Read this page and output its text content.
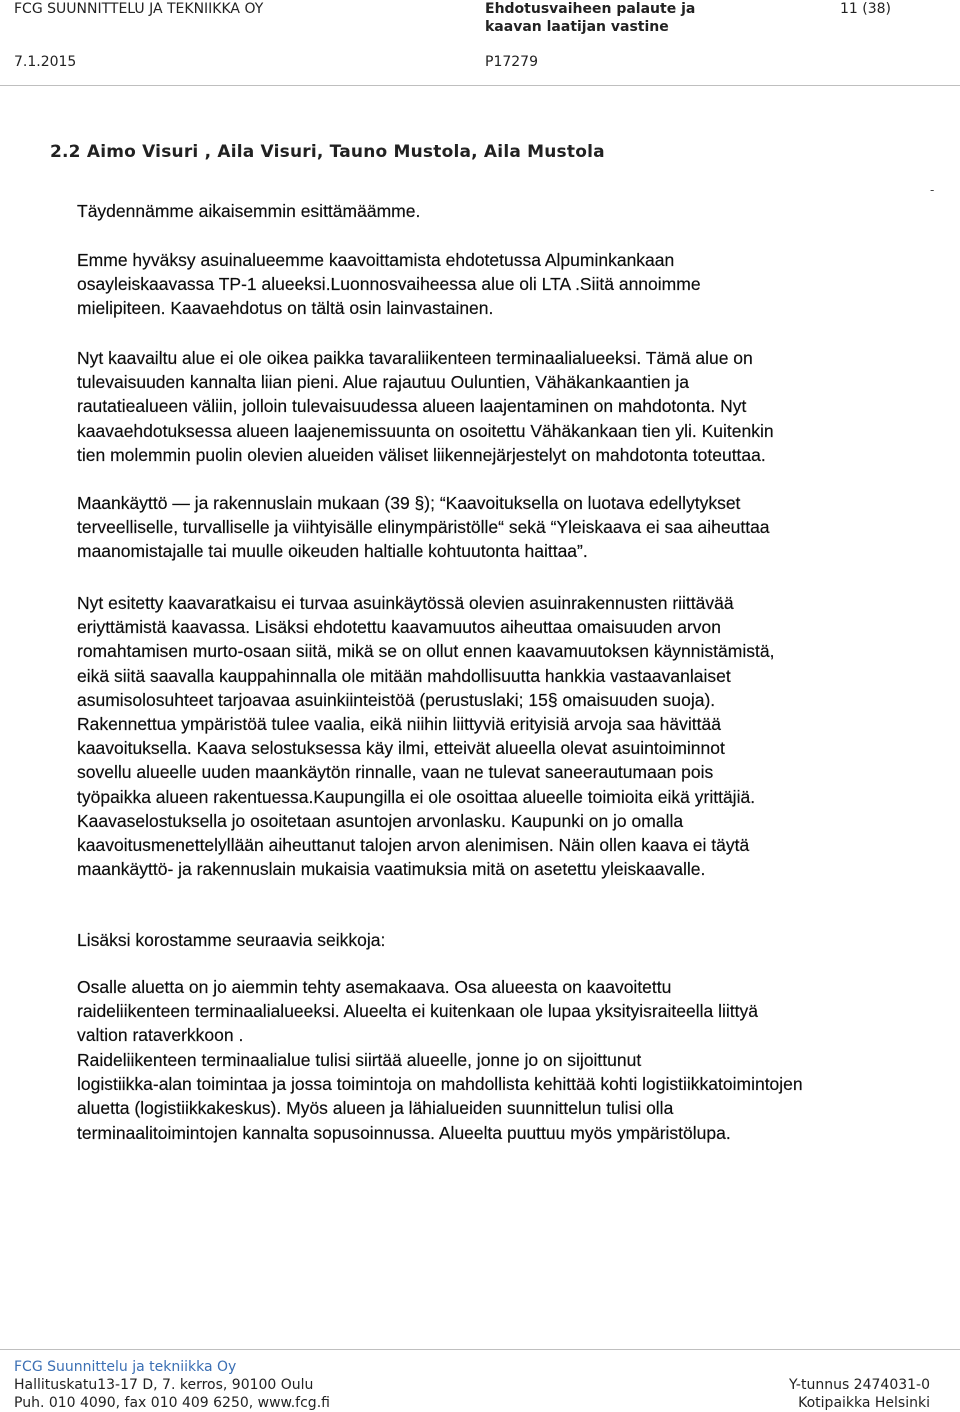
FCG SUUNNITTELU JA TEKNIIKKA OY	Ehdotusvaiheen palaute ja
kaavan laatijan vastine
11 (38)
7.1.2015	P17279
2.2 Aimo Visuri , Aila Visuri, Tauno Mustola, Aila Mustola
-
Täydennämme aikaisemmin esittämäämme.
Emme hyväksy asuinalueemme kaavoittamista ehdotetussa Alpuminkankaan
osayleiskaavassa TP-1 alueeksi.Luonnosvaiheessa alue oli LTA .Siitä annoimme
mielipiteen. Kaavaehdotus on tältä osin lainvastainen.
Nyt kaavailtu alue ei ole oikea paikka tavaraliikenteen terminaalialueeksi. Tämä alue on
tulevaisuuden kannalta liian pieni. Alue rajautuu Ouluntien, Vähäkankaantien ja
rautatiealueen väliin, jolloin tulevaisuudessa alueen laajentaminen on mahdotonta. Nyt
kaavaehdotuksessa alueen laajenemissuunta on osoitettu Vähäkankaan tien yli. Kuitenkin
tien molemmin puolin olevien alueiden väliset liikennejärjestelyt on mahdotonta toteuttaa.
Maankäyttö — ja rakennuslain mukaan (39 §); “Kaavoituksella on luotava edellytykset
terveelliselle, turvalliselle ja viihtyisälle elinympäristölle“ sekä “Yleiskaava ei saa aiheuttaa
maanomistajalle tai muulle oikeuden haltialle kohtuutonta haittaa”.
Nyt esitetty kaavaratkaisu ei turvaa asuinkäytössä olevien asuinrakennusten riittävää
eriyttämistä kaavassa. Lisäksi ehdotettu kaavamuutos aiheuttaa omaisuuden arvon
romahtamisen murto-osaan siitä, mikä se on ollut ennen kaavamuutoksen käynnistämistä,
eikä siitä saavalla kauppahinnalla ole mitään mahdollisuutta hankkia vastaavanlaiset
asumisolosuhteet tarjoavaa asuinkiinteistöä (perustuslaki; 15§ omaisuuden suoja).
Rakennettua ympäristöä tulee vaalia, eikä niihin liittyviä erityisiä arvoja saa hävittää
kaavoituksella. Kaava selostuksessa käy ilmi, etteivät alueella olevat asuintoiminnot
sovellu alueelle uuden maankäytön rinnalle, vaan ne tulevat saneerautumaan pois
työpaikka alueen rakentuessa.Kaupungilla ei ole osoittaa alueelle toimioita eikä yrittäjiä.
Kaavaselostuksella jo osoitetaan asuntojen arvonlasku. Kaupunki on jo omalla
kaavoitusmenettelyllään aiheuttanut talojen arvon alenimisen. Näin ollen kaava ei täytä
maankäyttö- ja rakennuslain mukaisia vaatimuksia mitä on asetettu yleiskaavalle.
Lisäksi korostamme seuraavia seikkoja:
Osalle aluetta on jo aiemmin tehty asemakaava. Osa alueesta on kaavoitettu
raideliikenteen terminaalialueeksi. Alueelta ei kuitenkaan ole lupaa yksityisraiteella liittyä
valtion rataverkkoon .
Raideliikenteen terminaalialue tulisi siirtää alueelle, jonne jo on sijoittunut
logistiikka-alan toimintaa ja jossa toimintoja on mahdollista kehittää kohti logistiikkatoimintojen
aluetta (logistiikkakeskus). Myös alueen ja lähialueiden suunnittelun tulisi olla
terminaalitoimintojen kannalta sopusoinnussa. Alueelta puuttuu myös ympäristölupa.
FCG Suunnittelu ja tekniikka Oy
Hallituskatu13-17 D, 7. kerros, 90100 Oulu
Puh. 010 4090, fax 010 409 6250, www.fcg.fi
Y-tunnus 2474031-0
Kotipaikka Helsinki
